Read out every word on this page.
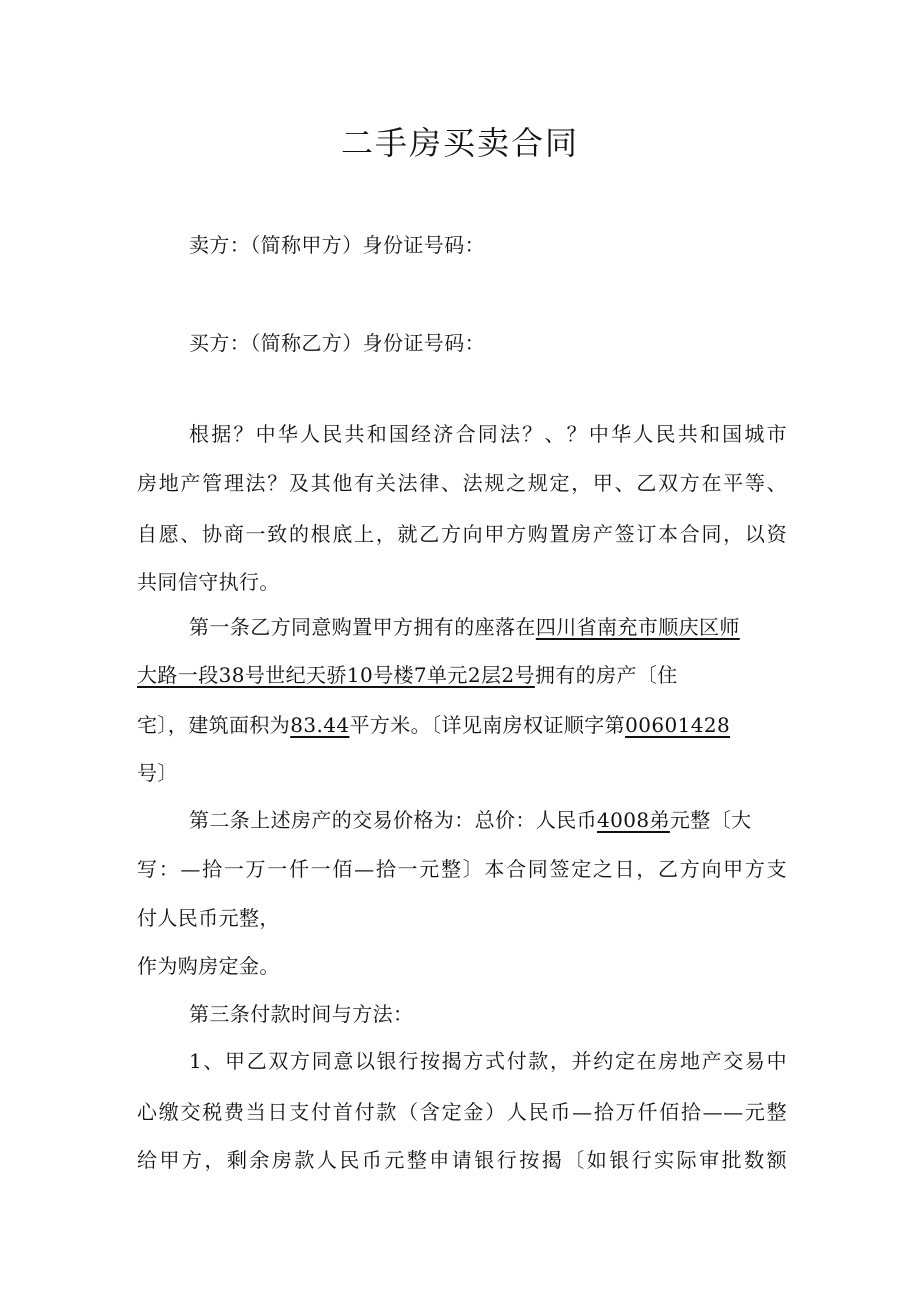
二手房买卖合同
卖方：（简称甲方）身份证号码：
买方：（简称乙方）身份证号码：
根据？中华人民共和国经济合同法？、？中华人民共和国城市
房地产管理法？及其他有关法律、法规之规定，甲、乙双方在平等、
自愿、协商一致的根底上，就乙方向甲方购置房产签订本合同，以资
共同信守执行。
第一条乙方同意购置甲方拥有的座落在四川省南充市顺庆区师
大路一段38号世纪天骄10号楼7单元2层2号拥有的房产〔住
宅〕，建筑面积为83.44平方米。〔详见南房权证顺字第00601428
号〕
第二条上述房产的交易价格为：总价：人民币4008弟元整〔大
写：—拾一万一仟一佰—拾一元整〕本合同签定之日，乙方向甲方支
付人民币元整，
作为购房定金。
第三条付款时间与方法：
1、甲乙双方同意以银行按揭方式付款，并约定在房地产交易中
心缴交税费当日支付首付款（含定金）人民币—拾万仟佰拾——元整
给甲方，剩余房款人民币元整申请银行按揭〔如银行实际审批数额
